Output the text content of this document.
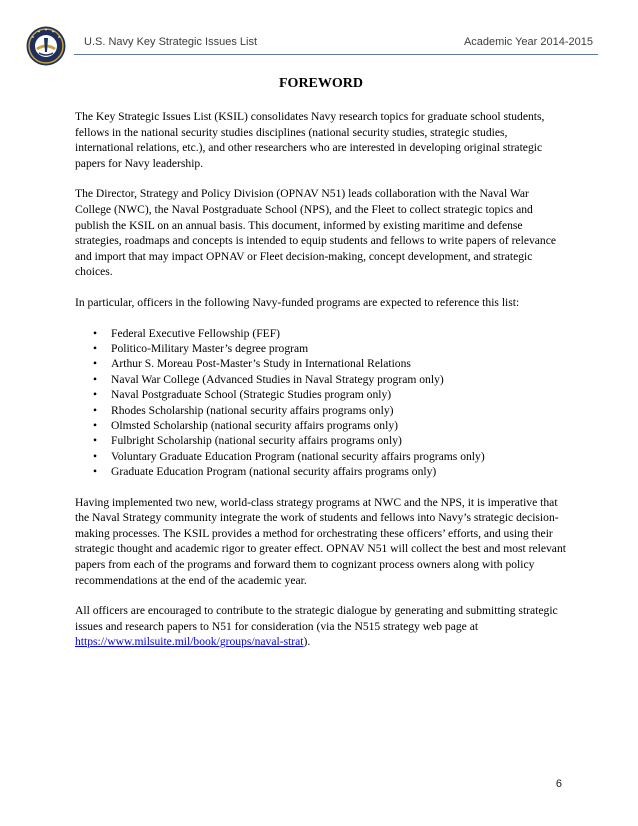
U.S. Navy Key Strategic Issues List	Academic Year 2014-2015
FOREWORD

The Key Strategic Issues List (KSIL) consolidates Navy research topics for graduate school students, fellows in the national security studies disciplines (national security studies, strategic studies, international relations, etc.), and other researchers who are interested in developing original strategic papers for Navy leadership.

The Director, Strategy and Policy Division (OPNAV N51) leads collaboration with the Naval War College (NWC), the Naval Postgraduate School (NPS), and the Fleet to collect strategic topics and publish the KSIL on an annual basis. This document, informed by existing maritime and defense strategies, roadmaps and concepts is intended to equip students and fellows to write papers of relevance and import that may impact OPNAV or Fleet decision-making, concept development, and strategic choices.

In particular, officers in the following Navy-funded programs are expected to reference this list:

• Federal Executive Fellowship (FEF)
• Politico-Military Master’s degree program
• Arthur S. Moreau Post-Master’s Study in International Relations
• Naval War College (Advanced Studies in Naval Strategy program only)
• Naval Postgraduate School (Strategic Studies program only)
• Rhodes Scholarship (national security affairs programs only)
• Olmsted Scholarship (national security affairs programs only)
• Fulbright Scholarship (national security affairs programs only)
• Voluntary Graduate Education Program (national security affairs programs only)
• Graduate Education Program (national security affairs programs only)

Having implemented two new, world-class strategy programs at NWC and the NPS, it is imperative that the Naval Strategy community integrate the work of students and fellows into Navy’s strategic decision-making processes. The KSIL provides a method for orchestrating these officers’ efforts, and using their strategic thought and academic rigor to greater effect. OPNAV N51 will collect the best and most relevant papers from each of the programs and forward them to cognizant process owners along with policy recommendations at the end of the academic year.

All officers are encouraged to contribute to the strategic dialogue by generating and submitting strategic issues and research papers to N51 for consideration (via the N515 strategy web page at https://www.milsuite.mil/book/groups/naval-strat).

6
